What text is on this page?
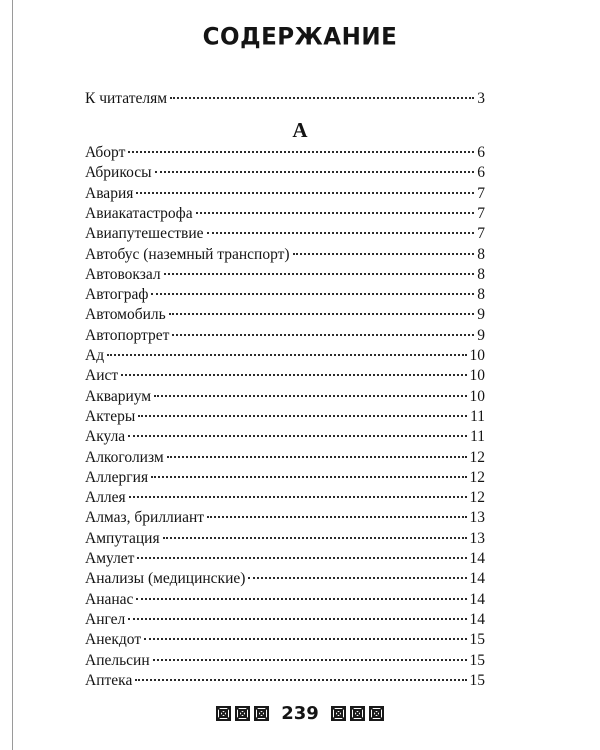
СОДЕРЖАНИЕ
К читателям	3
А
Аборт	6
Абрикосы	6
Авария	7
Авиакатастрофа	7
Авиапутешествие	7
Автобус (наземный транспорт)	8
Автовокзал	8
Автограф	8
Автомобиль	9
Автопортрет	9
Ад	10
Аист	10
Аквариум	10
Актеры	11
Акула	11
Алкоголизм	12
Аллергия	12
Аллея	12
Алмаз, бриллиант	13
Ампутация	13
Амулет	14
Анализы (медицинские)	14
Ананас	14
Ангел	14
Анекдот	15
Апельсин	15
Аптека	15
239
